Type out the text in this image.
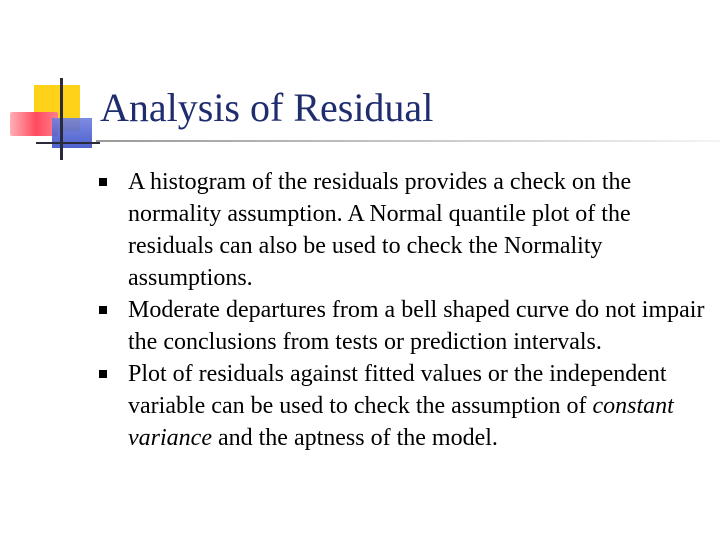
Analysis of Residual
A histogram of the residuals provides a check on the normality assumption. A Normal quantile plot of the residuals can also be used to check the Normality assumptions.
Moderate departures from a bell shaped curve do not impair the conclusions from tests or prediction intervals.
Plot of residuals against fitted values or the independent variable can be used to check the assumption of constant variance and the aptness of the model.
